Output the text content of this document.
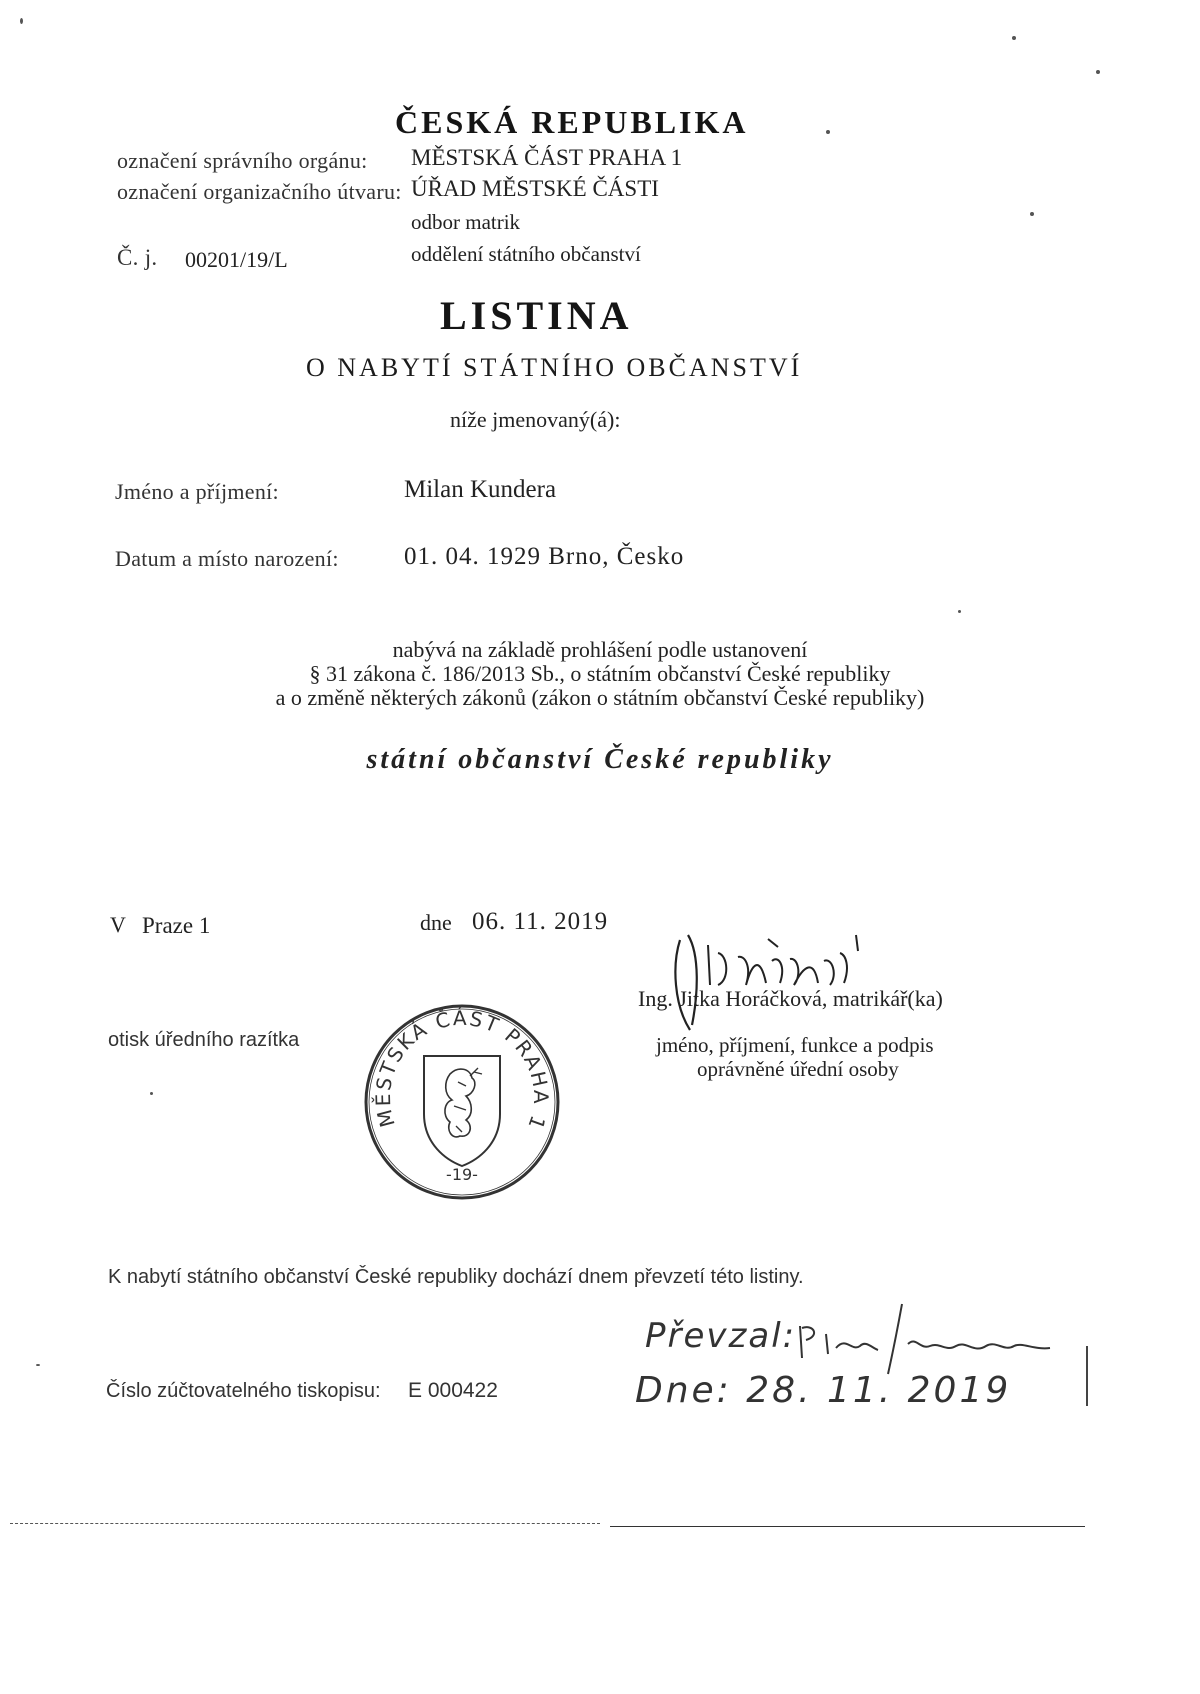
ČESKÁ REPUBLIKA
označení správního orgánu: MĚSTSKÁ ČÁST PRAHA 1
označení organizačního útvaru: ÚŘAD MĚSTSKÉ ČÁSTI
odbor matrik
Č. j. 00201/19/L	oddělení státního občanství
LISTINA
O NABYTÍ STÁTNÍHO OBČANSTVÍ
níže jmenovaný(á):
Jméno a příjmení:	Milan Kundera
Datum a místo narození:	01. 04. 1929 Brno, Česko
nabývá na základě prohlášení podle ustanovení
§ 31 zákona č. 186/2013 Sb., o státním občanství České republiky
a o změně některých zákonů (zákon o státním občanství České republiky)
státní občanství České republiky
V Praze 1	dne 06. 11. 2019
Ing. Jitka Horáčková, matrikář(ka)
jméno, příjmení, funkce a podpis
oprávněné úřední osoby
otisk úředního razítka
MĚSTSKÁ ČÁST PRAHA 1
-19-
K nabytí státního občanství České republiky dochází dnem převzetí této listiny.
Číslo zúčtovatelného tiskopisu: E 000422
Převzal:
Dne: 28. 11. 2019
